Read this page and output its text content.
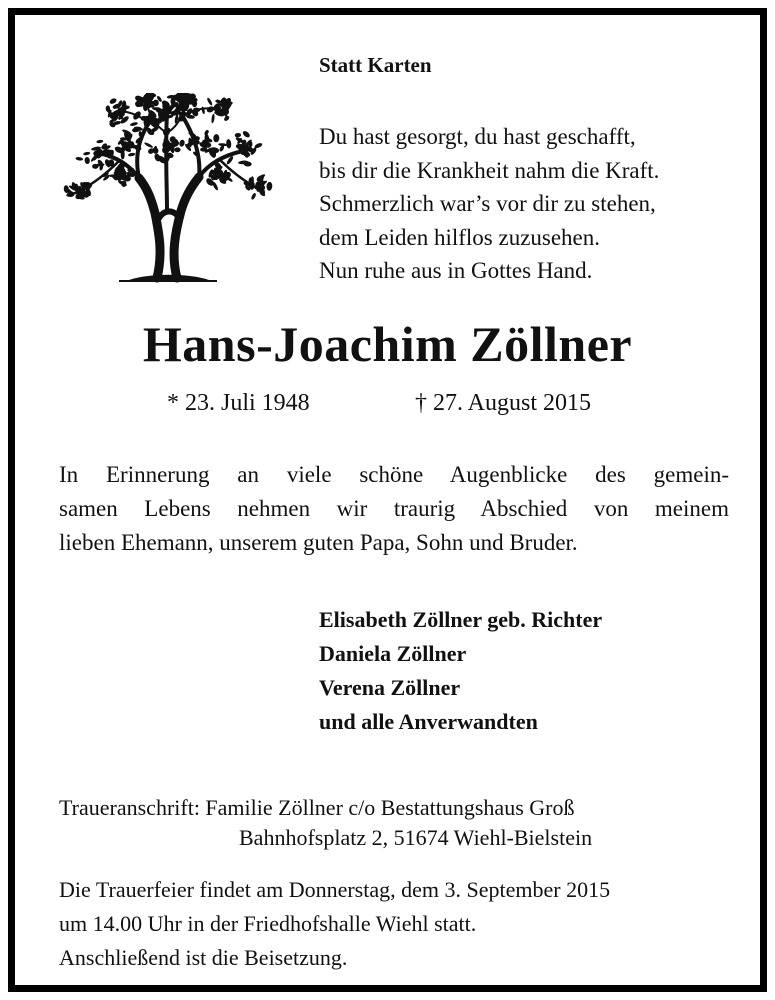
Statt Karten
Du hast gesorgt, du hast geschafft,
bis dir die Krankheit nahm die Kraft.
Schmerzlich war’s vor dir zu stehen,
dem Leiden hilflos zuzusehen.
Nun ruhe aus in Gottes Hand.
Hans-Joachim Zöllner
* 23. Juli 1948	† 27. August 2015
In Erinnerung an viele schöne Augenblicke des gemein-
samen Lebens nehmen wir traurig Abschied von meinem
lieben Ehemann, unserem guten Papa, Sohn und Bruder.
Elisabeth Zöllner geb. Richter
Daniela Zöllner
Verena Zöllner
und alle Anverwandten
Traueranschrift: Familie Zöllner c/o Bestattungshaus Groß
Bahnhofsplatz 2, 51674 Wiehl-Bielstein
Die Trauerfeier findet am Donnerstag, dem 3. September 2015
um 14.00 Uhr in der Friedhofshalle Wiehl statt.
Anschließend ist die Beisetzung.
